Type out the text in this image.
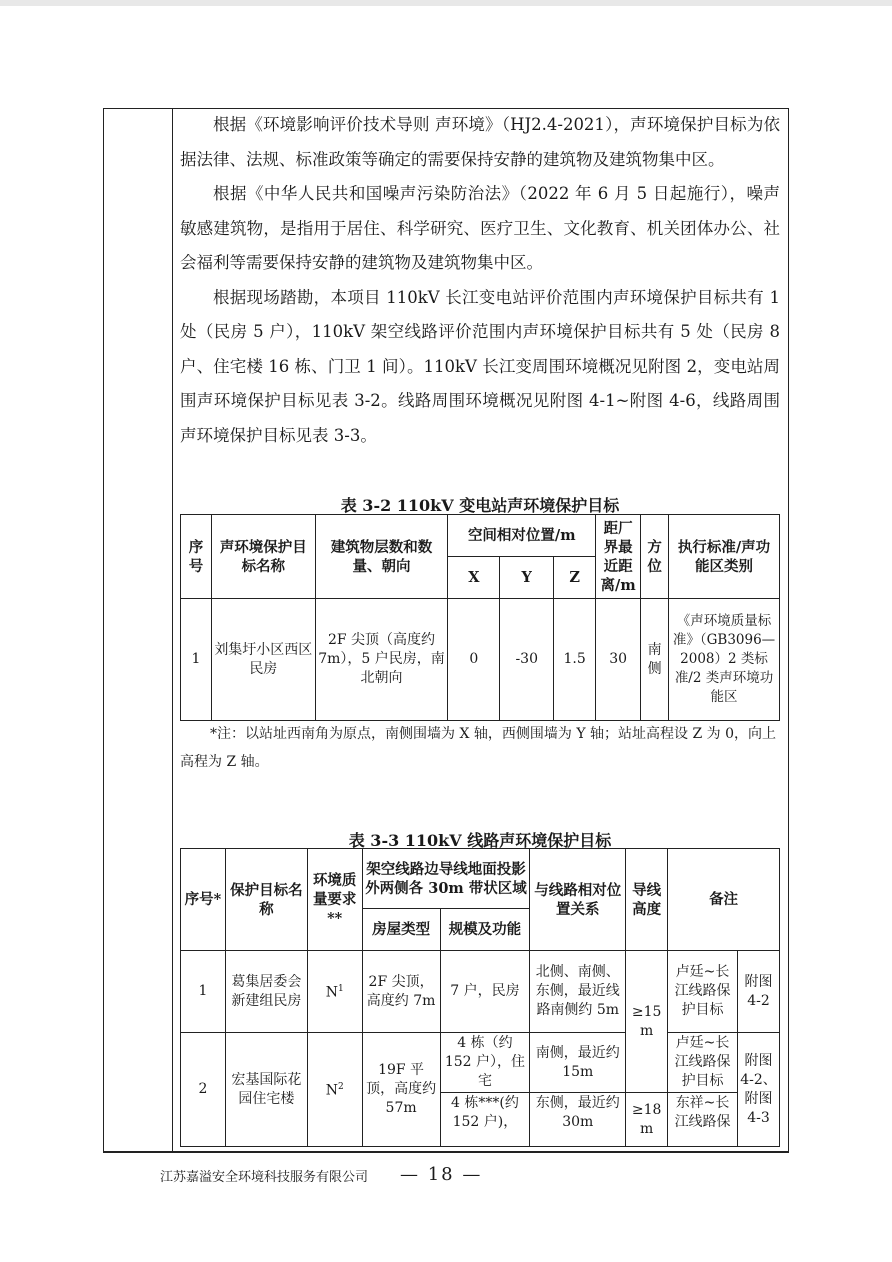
根据《环境影响评价技术导则 声环境》（HJ2.4-2021），声环境保护目标为依据法律、法规、标准政策等确定的需要保持安静的建筑物及建筑物集中区。

根据《中华人民共和国噪声污染防治法》（2022 年 6 月 5 日起施行），噪声敏感建筑物，是指用于居住、科学研究、医疗卫生、文化教育、机关团体办公、社会福利等需要保持安静的建筑物及建筑物集中区。

根据现场踏勘，本项目 110kV 长江变电站评价范围内声环境保护目标共有 1 处（民房 5 户），110kV 架空线路评价范围内声环境保护目标共有 5 处（民房 8 户、住宅楼 16 栋、门卫 1 间）。110kV 长江变周围环境概况见附图 2，变电站周围声环境保护目标见表 3-2。线路周围环境概况见附图 4-1~附图 4-6，线路周围声环境保护目标见表 3-3。

表 3-2 110kV 变电站声环境保护目标
序号	声环境保护目标名称	建筑物层数和数量、朝向	空间相对位置/m			距厂界最近距离/m	方位	执行标准/声功能区类别
			X	Y	Z			
1	刘集圩小区西区民房	2F 尖顶（高度约 7m），5 户民房，南北朝向	0	-30	1.5	30	南侧	《声环境质量标准》（GB3096—2008）2 类标准/2 类声环境功能区
*注：以站址西南角为原点，南侧围墙为 X 轴，西侧围墙为 Y 轴；站址高程设 Z 为 0，向上高程为 Z 轴。
表 3-3 110kV 线路声环境保护目标
序号*	保护目标名称	环境质量要求**	架空线路边导线地面投影外两侧各 30m 带状区域		与线路相对位置关系	导线高度	备注	
			房屋类型	规模及功能				
1	葛集居委会新建组民房	$N^1$	2F 尖顶，高度约 7m	7 户，民房	北侧、南侧、东侧，最近线路南侧约 5m	≥15 m	卢廷~长江线路保护目标	附图 4-2
2	宏基国际花园住宅楼	$N^2$	19F 平顶，高度约 57m	4 栋（约 152 户），住宅	南侧，最近约 15m		卢廷~长江线路保护目标	附图 4-2、附图 4-3
				4 栋***(约 152 户)，	东侧，最近约 30m	≥18 m	东祥~长江线路保	
江苏嘉溢安全环境科技服务有限公司 — 18 —
